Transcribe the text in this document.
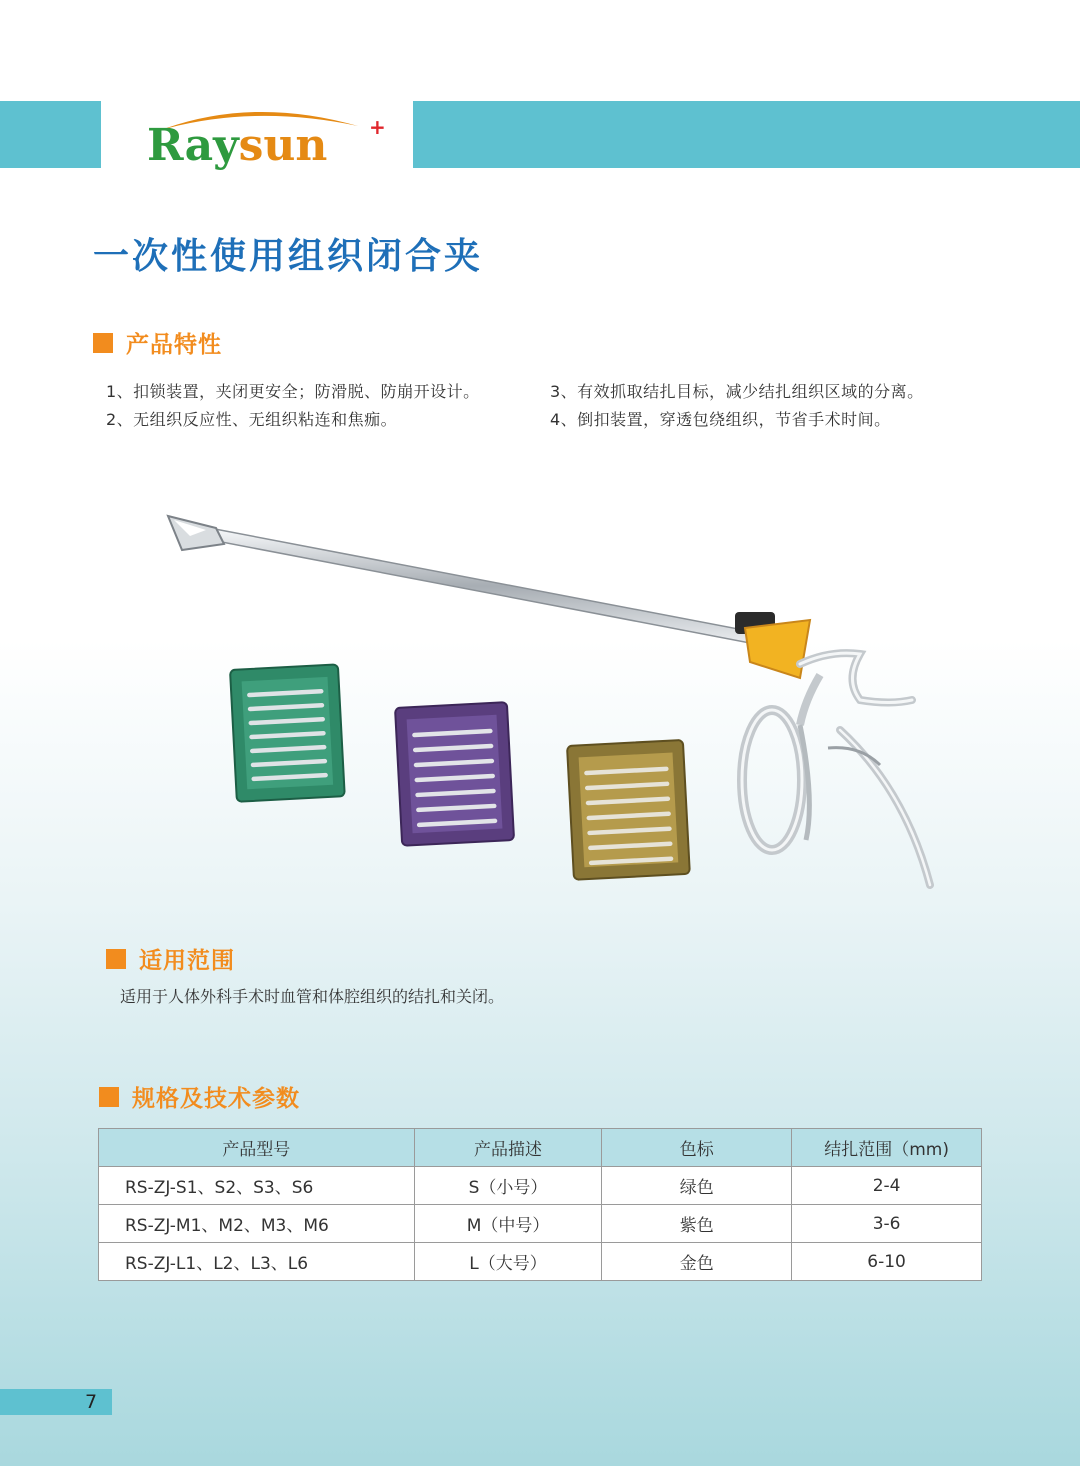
Raysun +
一次性使用组织闭合夹
产品特性
1、扣锁装置，夹闭更安全；防滑脱、防崩开设计。
2、无组织反应性、无组织粘连和焦痂。
3、有效抓取结扎目标，减少结扎组织区域的分离。
4、倒扣装置，穿透包绕组织，节省手术时间。
适用范围
适用于人体外科手术时血管和体腔组织的结扎和关闭。
规格及技术参数
产品型号	产品描述	色标	结扎范围（mm)
RS-ZJ-S1、S2、S3、S6	S（小号）	绿色	2-4
RS-ZJ-M1、M2、M3、M6	M（中号）	紫色	3-6
RS-ZJ-L1、L2、L3、L6	L（大号）	金色	6-10
7
